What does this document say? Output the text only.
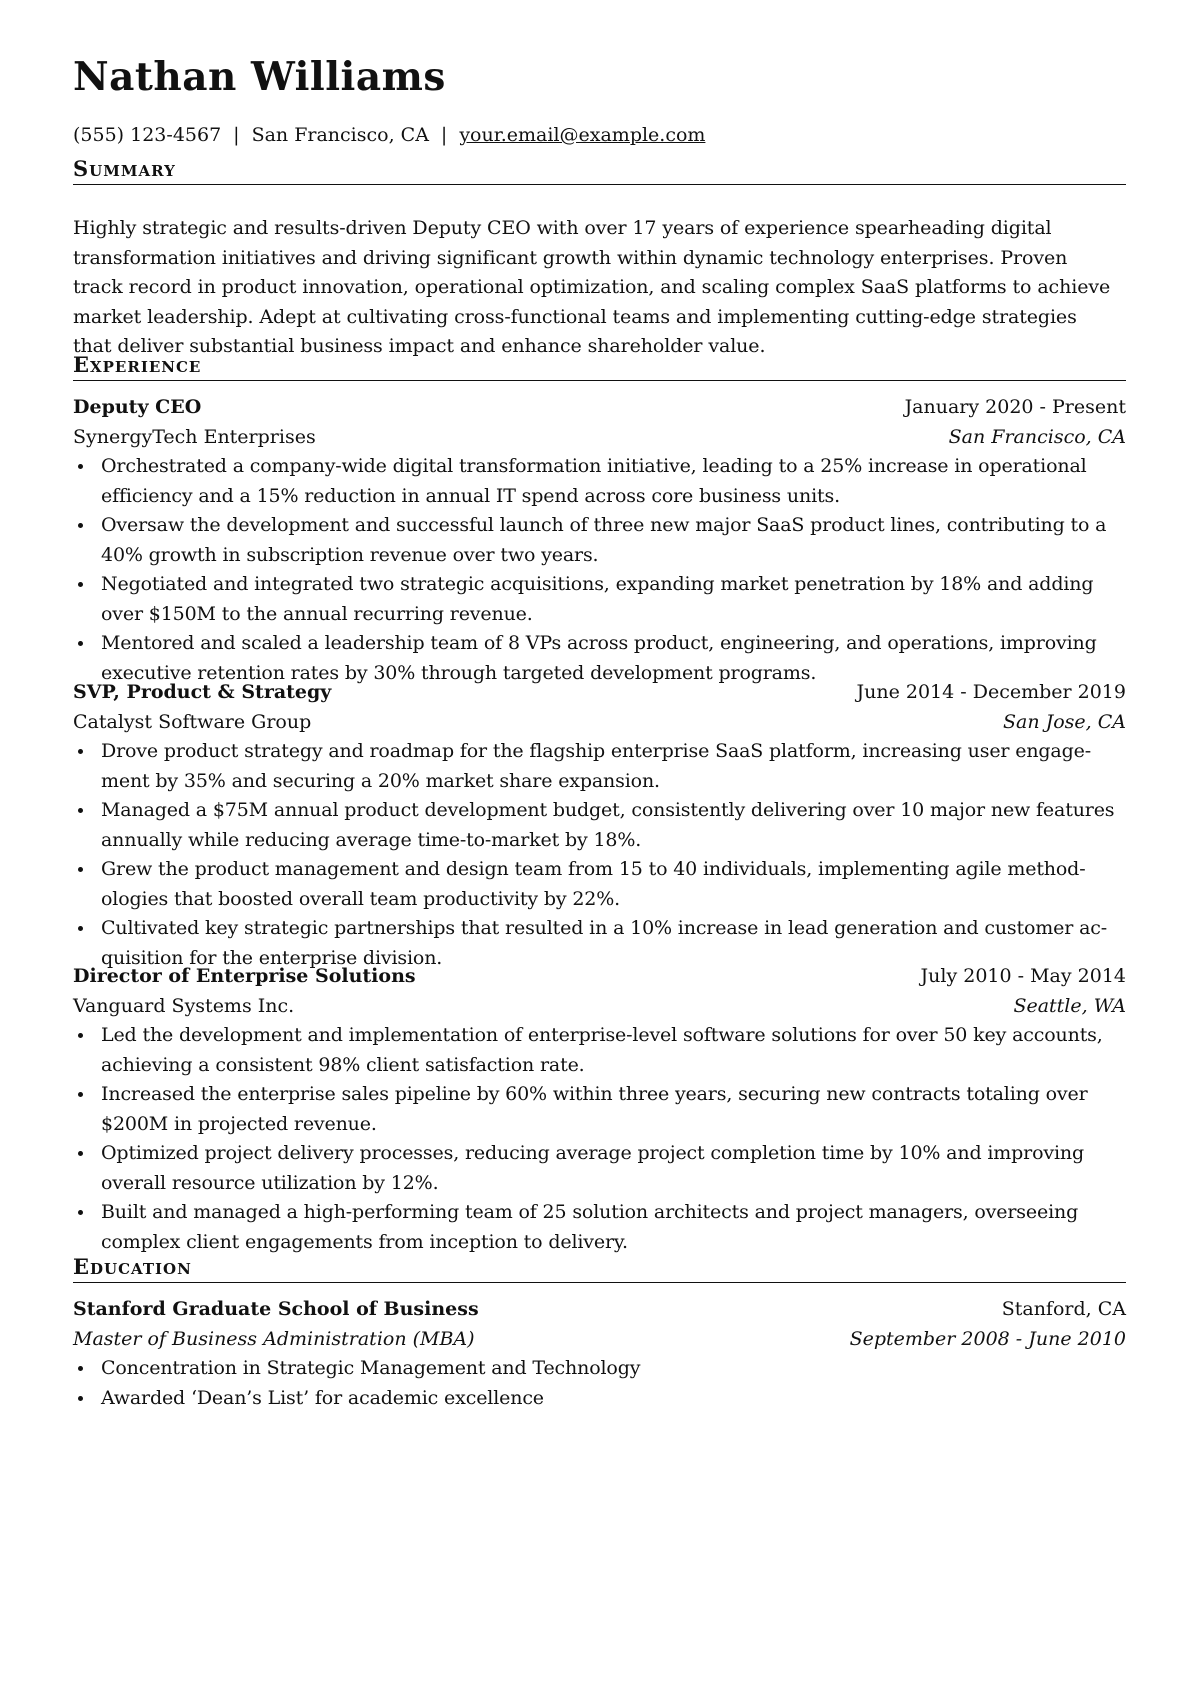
Nathan Williams
(555) 123-4567 | San Francisco, CA | your.email@example.com
Summary
Highly strategic and results-driven Deputy CEO with over 17 years of experience spearheading digital
transformation initiatives and driving significant growth within dynamic technology enterprises. Proven
track record in product innovation, operational optimization, and scaling complex SaaS platforms to achieve
market leadership. Adept at cultivating cross-functional teams and implementing cutting-edge strategies
that deliver substantial business impact and enhance shareholder value.
Experience
Deputy CEO	January 2020 - Present
SynergyTech Enterprises	San Francisco, CA
Orchestrated a company-wide digital transformation initiative, leading to a 25% increase in operational
efficiency and a 15% reduction in annual IT spend across core business units.
Oversaw the development and successful launch of three new major SaaS product lines, contributing to a
40% growth in subscription revenue over two years.
Negotiated and integrated two strategic acquisitions, expanding market penetration by 18% and adding
over $150M to the annual recurring revenue.
Mentored and scaled a leadership team of 8 VPs across product, engineering, and operations, improving
executive retention rates by 30% through targeted development programs.
SVP, Product & Strategy	June 2014 - December 2019
Catalyst Software Group	San Jose, CA
Drove product strategy and roadmap for the flagship enterprise SaaS platform, increasing user engage-
ment by 35% and securing a 20% market share expansion.
Managed a $75M annual product development budget, consistently delivering over 10 major new features
annually while reducing average time-to-market by 18%.
Grew the product management and design team from 15 to 40 individuals, implementing agile method-
ologies that boosted overall team productivity by 22%.
Cultivated key strategic partnerships that resulted in a 10% increase in lead generation and customer ac-
quisition for the enterprise division.
Director of Enterprise Solutions	July 2010 - May 2014
Vanguard Systems Inc.	Seattle, WA
Led the development and implementation of enterprise-level software solutions for over 50 key accounts,
achieving a consistent 98% client satisfaction rate.
Increased the enterprise sales pipeline by 60% within three years, securing new contracts totaling over
$200M in projected revenue.
Optimized project delivery processes, reducing average project completion time by 10% and improving
overall resource utilization by 12%.
Built and managed a high-performing team of 25 solution architects and project managers, overseeing
complex client engagements from inception to delivery.
Education
Stanford Graduate School of Business	Stanford, CA
Master of Business Administration (MBA)	September 2008 - June 2010
Concentration in Strategic Management and Technology
Awarded ‘Dean’s List’ for academic excellence
